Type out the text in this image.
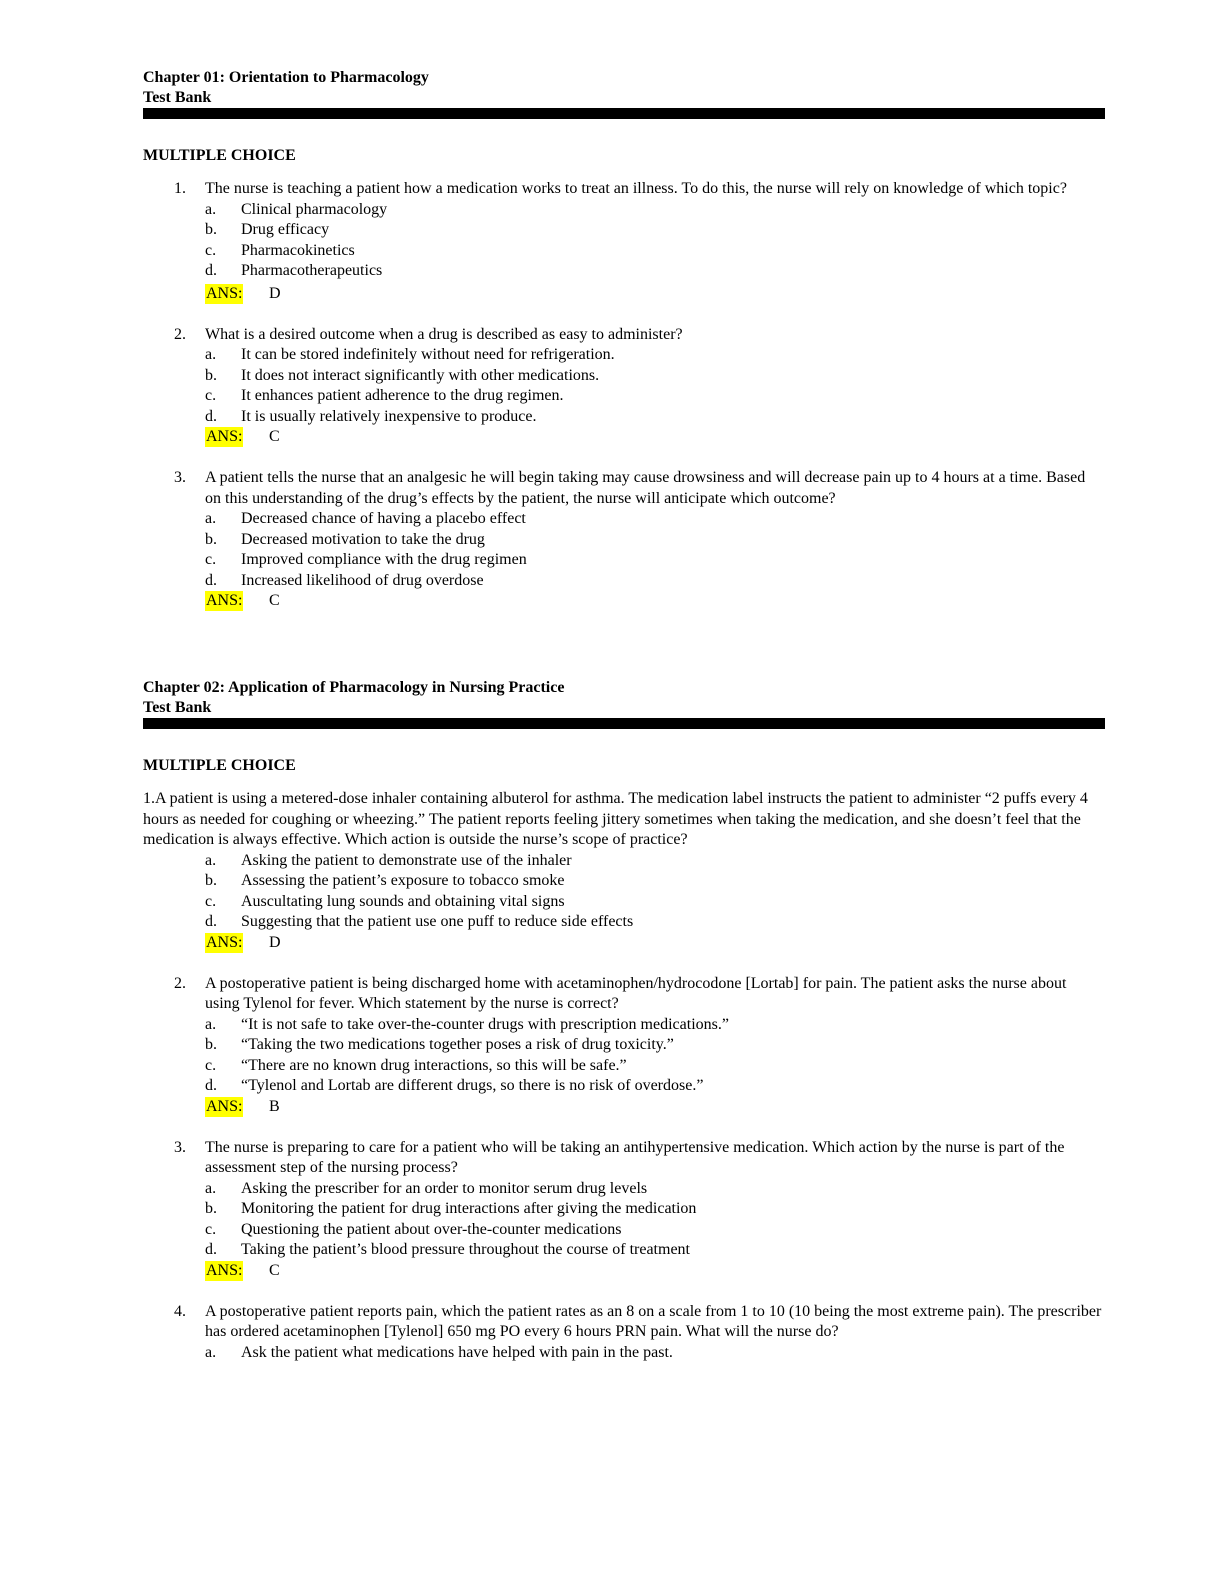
Chapter 01: Orientation to Pharmacology

Test Bank

MULTIPLE CHOICE

1. The nurse is teaching a patient how a medication works to treat an illness. To do this, the nurse will rely on knowledge of which topic?
a. Clinical pharmacology
b. Drug efficacy
c. Pharmacokinetics
d. Pharmacotherapeutics
ANS: D
2. What is a desired outcome when a drug is described as easy to administer?
a. It can be stored indefinitely without need for refrigeration.
b. It does not interact significantly with other medications.
c. It enhances patient adherence to the drug regimen.
d. It is usually relatively inexpensive to produce.
ANS: C
3. A patient tells the nurse that an analgesic he will begin taking may cause drowsiness and will decrease pain up to 4 hours at a time. Based on this understanding of the drug’s effects by the patient, the nurse will anticipate which outcome?
a. Decreased chance of having a placebo effect
b. Decreased motivation to take the drug
c. Improved compliance with the drug regimen
d. Increased likelihood of drug overdose
ANS: C

Chapter 02: Application of Pharmacology in Nursing Practice

Test Bank

MULTIPLE CHOICE

1.A patient is using a metered-dose inhaler containing albuterol for asthma. The medication label instructs the patient to administer “2 puffs every 4 hours as needed for coughing or wheezing.” The patient reports feeling jittery sometimes when taking the medication, and she doesn’t feel that the medication is always effective. Which action is outside the nurse’s scope of practice?
a. Asking the patient to demonstrate use of the inhaler
b. Assessing the patient’s exposure to tobacco smoke
c. Auscultating lung sounds and obtaining vital signs
d. Suggesting that the patient use one puff to reduce side effects
ANS: D
2. A postoperative patient is being discharged home with acetaminophen/hydrocodone [Lortab] for pain. The patient asks the nurse about using Tylenol for fever. Which statement by the nurse is correct?
a. “It is not safe to take over-the-counter drugs with prescription medications.”
b. “Taking the two medications together poses a risk of drug toxicity.”
c. “There are no known drug interactions, so this will be safe.”
d. “Tylenol and Lortab are different drugs, so there is no risk of overdose.”
ANS: B
3. The nurse is preparing to care for a patient who will be taking an antihypertensive medication. Which action by the nurse is part of the assessment step of the nursing process?
a. Asking the prescriber for an order to monitor serum drug levels
b. Monitoring the patient for drug interactions after giving the medication
c. Questioning the patient about over-the-counter medications
d. Taking the patient’s blood pressure throughout the course of treatment
ANS: C
4. A postoperative patient reports pain, which the patient rates as an 8 on a scale from 1 to 10 (10 being the most extreme pain). The prescriber has ordered acetaminophen [Tylenol] 650 mg PO every 6 hours PRN pain. What will the nurse do?
a. Ask the patient what medications have helped with pain in the past.
